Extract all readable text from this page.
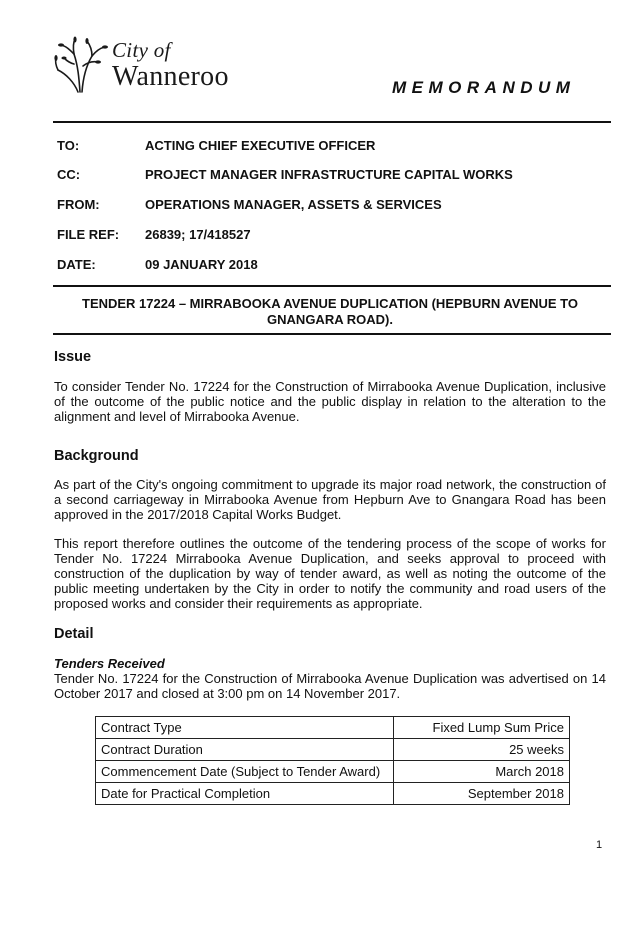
City of
Wanneroo	MEMORANDUM
TO:	ACTING CHIEF EXECUTIVE OFFICER
CC:	PROJECT MANAGER INFRASTRUCTURE CAPITAL WORKS
FROM:	OPERATIONS MANAGER, ASSETS & SERVICES
FILE REF: 26839; 17/418527
DATE:	09 JANUARY 2018
TENDER 17224 – MIRRABOOKA AVENUE DUPLICATION (HEPBURN AVENUE TO GNANGARA ROAD).
Issue

To consider Tender No. 17224 for the Construction of Mirrabooka Avenue Duplication, inclusive of the outcome of the public notice and the public display in relation to the alteration to the alignment and level of Mirrabooka Avenue.

Background

As part of the City's ongoing commitment to upgrade its major road network, the construction of a second carriageway in Mirrabooka Avenue from Hepburn Ave to Gnangara Road has been approved in the 2017/2018 Capital Works Budget.

This report therefore outlines the outcome of the tendering process of the scope of works for Tender No. 17224 Mirrabooka Avenue Duplication, and seeks approval to proceed with construction of the duplication by way of tender award, as well as noting the outcome of the public meeting undertaken by the City in order to notify the community and road users of the proposed works and consider their requirements as appropriate.

Detail
Tenders Received

Tender No. 17224 for the Construction of Mirrabooka Avenue Duplication was advertised on 14 October 2017 and closed at 3:00 pm on 14 November 2017.

Contract Type	Fixed Lump Sum Price
Contract Duration	25 weeks
Commencement Date (Subject to Tender Award)	March 2018
Date for Practical Completion	September 2018
1
